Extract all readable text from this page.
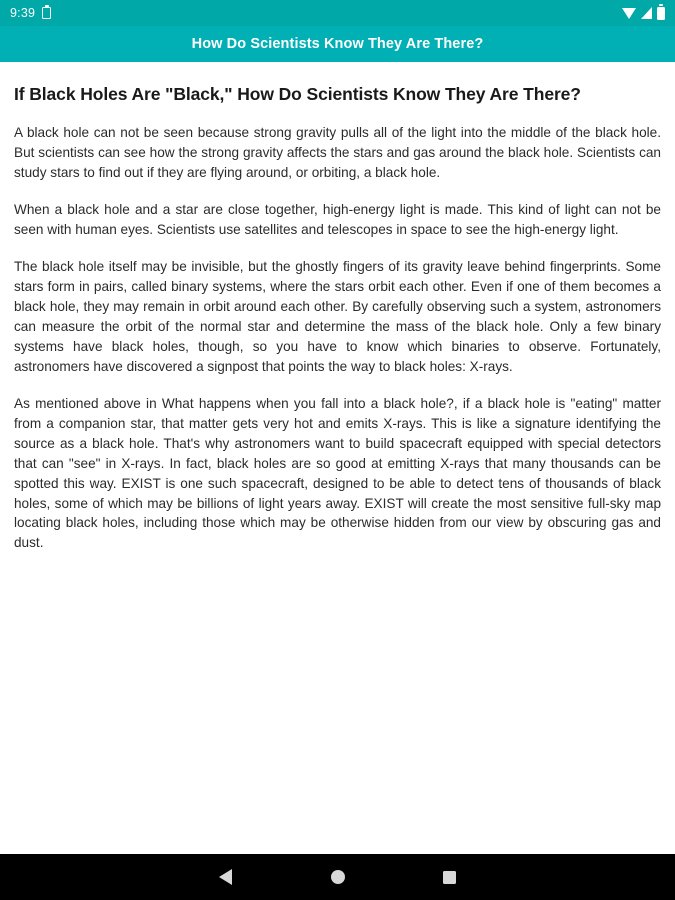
9:39
How Do Scientists Know They Are There?
If Black Holes Are "Black," How Do Scientists Know They Are There?

A black hole can not be seen because strong gravity pulls all of the light into the middle of the black hole. But scientists can see how the strong gravity affects the stars and gas around the black hole. Scientists can study stars to find out if they are flying around, or orbiting, a black hole.

When a black hole and a star are close together, high-energy light is made. This kind of light can not be seen with human eyes. Scientists use satellites and telescopes in space to see the high-energy light.

The black hole itself may be invisible, but the ghostly fingers of its gravity leave behind fingerprints. Some stars form in pairs, called binary systems, where the stars orbit each other. Even if one of them becomes a black hole, they may remain in orbit around each other. By carefully observing such a system, astronomers can measure the orbit of the normal star and determine the mass of the black hole. Only a few binary systems have black holes, though, so you have to know which binaries to observe. Fortunately, astronomers have discovered a signpost that points the way to black holes: X-rays.

As mentioned above in What happens when you fall into a black hole?, if a black hole is "eating" matter from a companion star, that matter gets very hot and emits X-rays. This is like a signature identifying the source as a black hole. That's why astronomers want to build spacecraft equipped with special detectors that can "see" in X-rays. In fact, black holes are so good at emitting X-rays that many thousands can be spotted this way. EXIST is one such spacecraft, designed to be able to detect tens of thousands of black holes, some of which may be billions of light years away. EXIST will create the most sensitive full-sky map locating black holes, including those which may be otherwise hidden from our view by obscuring gas and dust.
